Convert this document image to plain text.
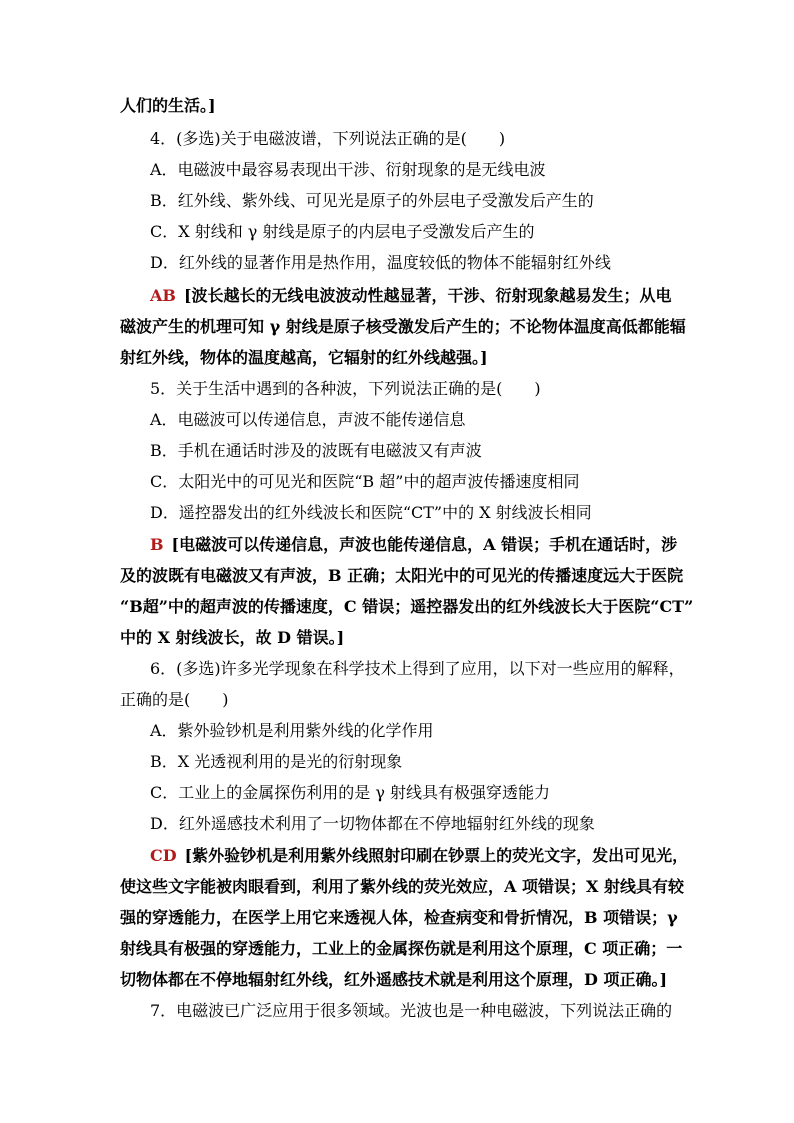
人们的生活。]
4．(多选)关于电磁波谱，下列说法正确的是(　　)
A．电磁波中最容易表现出干涉、衍射现象的是无线电波
B．红外线、紫外线、可见光是原子的外层电子受激发后产生的
C．X 射线和 γ 射线是原子的内层电子受激发后产生的
D．红外线的显著作用是热作用，温度较低的物体不能辐射红外线
AB [波长越长的无线电波波动性越显著，干涉、衍射现象越易发生；从电
磁波产生的机理可知 γ 射线是原子核受激发后产生的；不论物体温度高低都能辐
射红外线，物体的温度越高，它辐射的红外线越强。]
5．关于生活中遇到的各种波，下列说法正确的是(　　)
A．电磁波可以传递信息，声波不能传递信息
B．手机在通话时涉及的波既有电磁波又有声波
C．太阳光中的可见光和医院“B 超”中的超声波传播速度相同
D．遥控器发出的红外线波长和医院“CT”中的 X 射线波长相同
B [电磁波可以传递信息，声波也能传递信息，A 错误；手机在通话时，涉
及的波既有电磁波又有声波，B 正确；太阳光中的可见光的传播速度远大于医院
“B超”中的超声波的传播速度，C 错误；遥控器发出的红外线波长大于医院“CT”
中的 X 射线波长，故 D 错误。]
6．(多选)许多光学现象在科学技术上得到了应用，以下对一些应用的解释，
正确的是(　　)
A．紫外验钞机是利用紫外线的化学作用
B．X 光透视利用的是光的衍射现象
C．工业上的金属探伤利用的是 γ 射线具有极强穿透能力
D．红外遥感技术利用了一切物体都在不停地辐射红外线的现象
CD [紫外验钞机是利用紫外线照射印刷在钞票上的荧光文字，发出可见光，
使这些文字能被肉眼看到，利用了紫外线的荧光效应，A 项错误；X 射线具有较
强的穿透能力，在医学上用它来透视人体，检查病变和骨折情况，B 项错误；γ
射线具有极强的穿透能力，工业上的金属探伤就是利用这个原理，C 项正确；一
切物体都在不停地辐射红外线，红外遥感技术就是利用这个原理，D 项正确。]
7．电磁波已广泛应用于很多领域。光波也是一种电磁波，下列说法正确的
